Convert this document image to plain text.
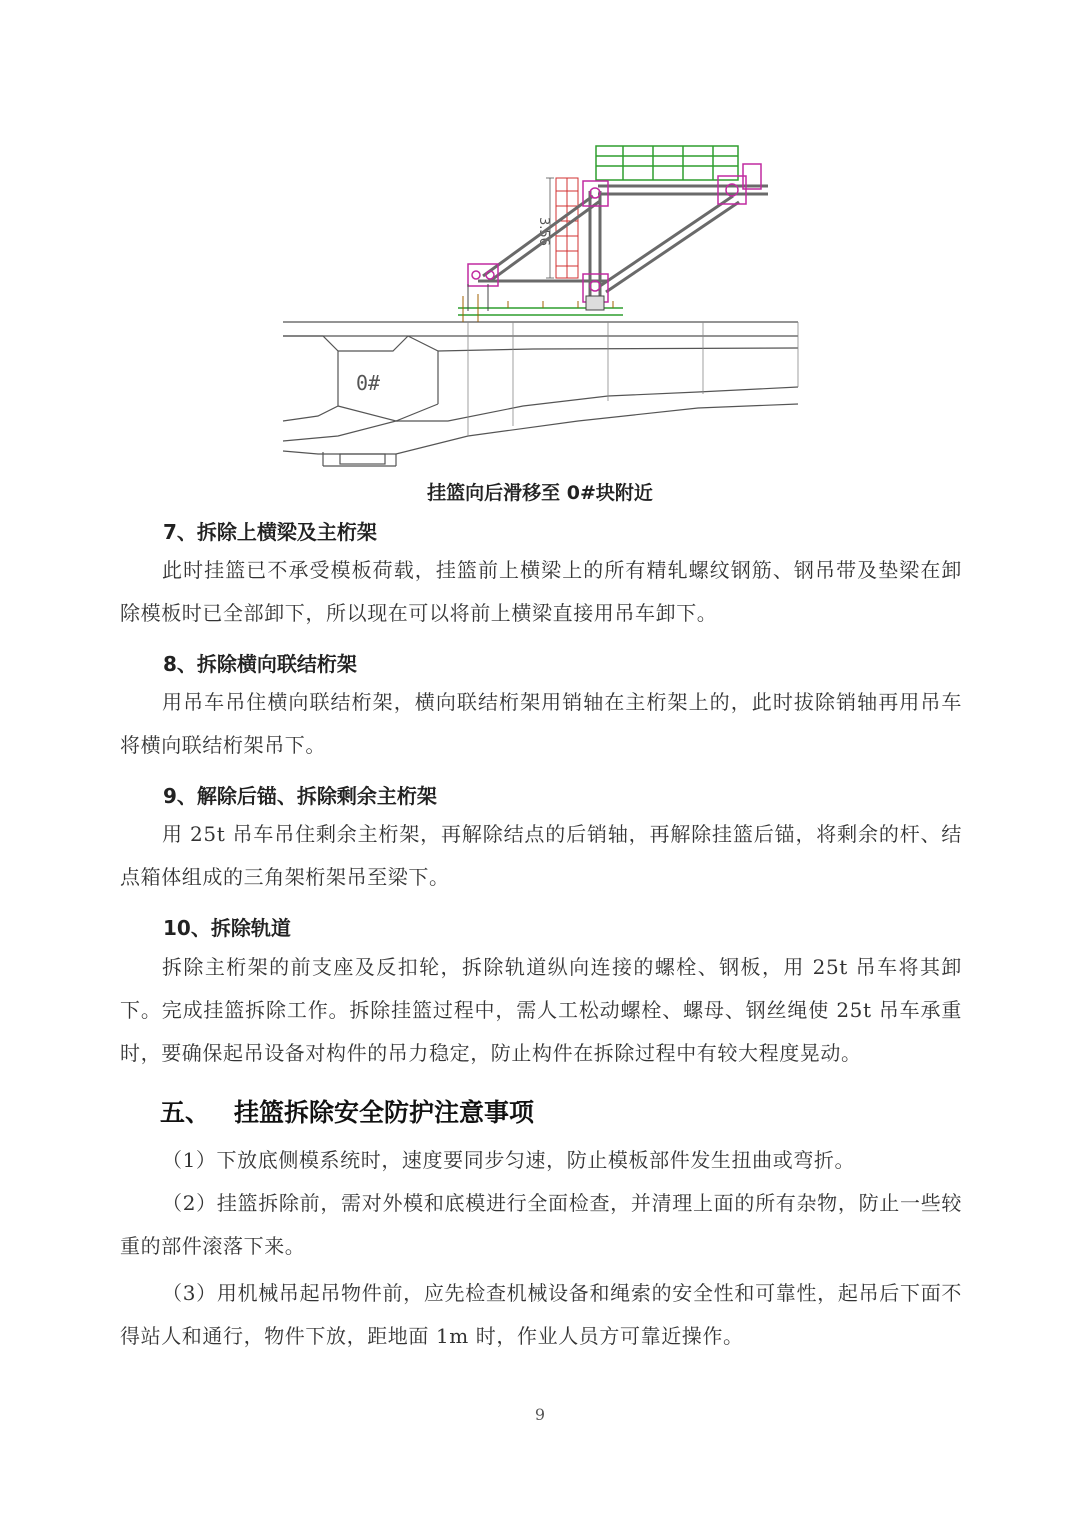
0#
3.56
挂篮向后滑移至 0#块附近
7、拆除上横梁及主桁架
此时挂篮已不承受模板荷载，挂篮前上横梁上的所有精轧螺纹钢筋、钢吊带及垫梁在卸除模板时已全部卸下，所以现在可以将前上横梁直接用吊车卸下。
8、拆除横向联结桁架
用吊车吊住横向联结桁架，横向联结桁架用销轴在主桁架上的，此时拔除销轴再用吊车将横向联结桁架吊下。
9、解除后锚、拆除剩余主桁架
用 25t 吊车吊住剩余主桁架，再解除结点的后销轴，再解除挂篮后锚，将剩余的杆、结点箱体组成的三角架桁架吊至梁下。
10、拆除轨道
拆除主桁架的前支座及反扣轮，拆除轨道纵向连接的螺栓、钢板，用 25t 吊车将其卸下。完成挂篮拆除工作。拆除挂篮过程中，需人工松动螺栓、螺母、钢丝绳使 25t 吊车承重时，要确保起吊设备对构件的吊力稳定，防止构件在拆除过程中有较大程度晃动。
五、 挂篮拆除安全防护注意事项
（1）下放底侧模系统时，速度要同步匀速，防止模板部件发生扭曲或弯折。
（2）挂篮拆除前，需对外模和底模进行全面检查，并清理上面的所有杂物，防止一些较重的部件滚落下来。
（3）用机械吊起吊物件前，应先检查机械设备和绳索的安全性和可靠性，起吊后下面不得站人和通行，物件下放，距地面 1m 时，作业人员方可靠近操作。
9
